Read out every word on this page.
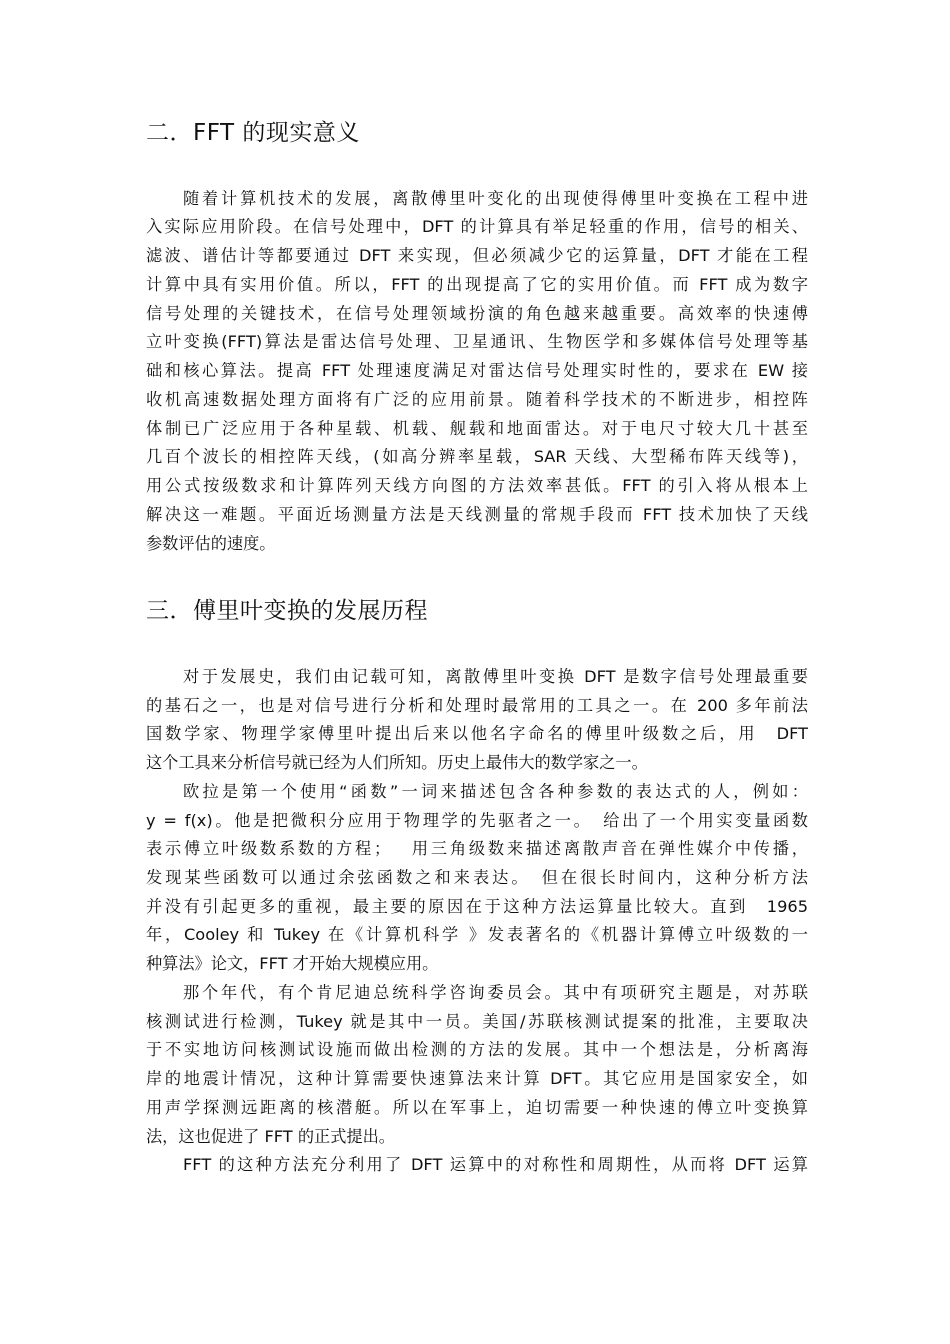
二．FFT 的现实意义
随着计算机技术的发展，离散傅里叶变化的出现使得傅里叶变换在工程中进
入实际应用阶段。在信号处理中，DFT 的计算具有举足轻重的作用，信号的相关、
滤波、谱估计等都要通过 DFT 来实现，但必须减少它的运算量，DFT 才能在工程
计算中具有实用价值。所以，FFT 的出现提高了它的实用价值。而 FFT 成为数字
信号处理的关键技术，在信号处理领域扮演的角色越来越重要。高效率的快速傅
立叶变换(FFT)算法是雷达信号处理、卫星通讯、生物医学和多媒体信号处理等基
础和核心算法。提高 FFT 处理速度满足对雷达信号处理实时性的，要求在 EW 接
收机高速数据处理方面将有广泛的应用前景。随着科学技术的不断进步，相控阵
体制已广泛应用于各种星载、机载、舰载和地面雷达。对于电尺寸较大几十甚至
几百个波长的相控阵天线，(如高分辨率星载，SAR 天线、大型稀布阵天线等)，
用公式按级数求和计算阵列天线方向图的方法效率甚低。FFT 的引入将从根本上
解决这一难题。平面近场测量方法是天线测量的常规手段而 FFT 技术加快了天线
参数评估的速度。
三．傅里叶变换的发展历程
对于发展史，我们由记载可知，离散傅里叶变换 DFT 是数字信号处理最重要
的基石之一，也是对信号进行分析和处理时最常用的工具之一。在 200 多年前法
国数学家、物理学家傅里叶提出后来以他名字命名的傅里叶级数之后，用　DFT
这个工具来分析信号就已经为人们所知。历史上最伟大的数学家之一。
欧拉是第一个使用“函数”一词来描述包含各种参数的表达式的人，例如：
y = f(x)。他是把微积分应用于物理学的先驱者之一。　给出了一个用实变量函数
表示傅立叶级数系数的方程；　 用三角级数来描述离散声音在弹性媒介中传播，
发现某些函数可以通过余弦函数之和来表达。　但在很长时间内，这种分析方法
并没有引起更多的重视，最主要的原因在于这种方法运算量比较大。直到　1965
年，Cooley 和 Tukey 在《计算机科学 》发表著名的《机器计算傅立叶级数的一
种算法》论文，FFT 才开始大规模应用。
那个年代，有个肯尼迪总统科学咨询委员会。其中有项研究主题是，对苏联
核测试进行检测，Tukey 就是其中一员。美国/苏联核测试提案的批准，主要取决
于不实地访问核测试设施而做出检测的方法的发展。其中一个想法是，分析离海
岸的地震计情况，这种计算需要快速算法来计算 DFT。其它应用是国家安全，如
用声学探测远距离的核潜艇。所以在军事上，迫切需要一种快速的傅立叶变换算
法，这也促进了 FFT 的正式提出。
FFT 的这种方法充分利用了 DFT 运算中的对称性和周期性，从而将 DFT 运算
